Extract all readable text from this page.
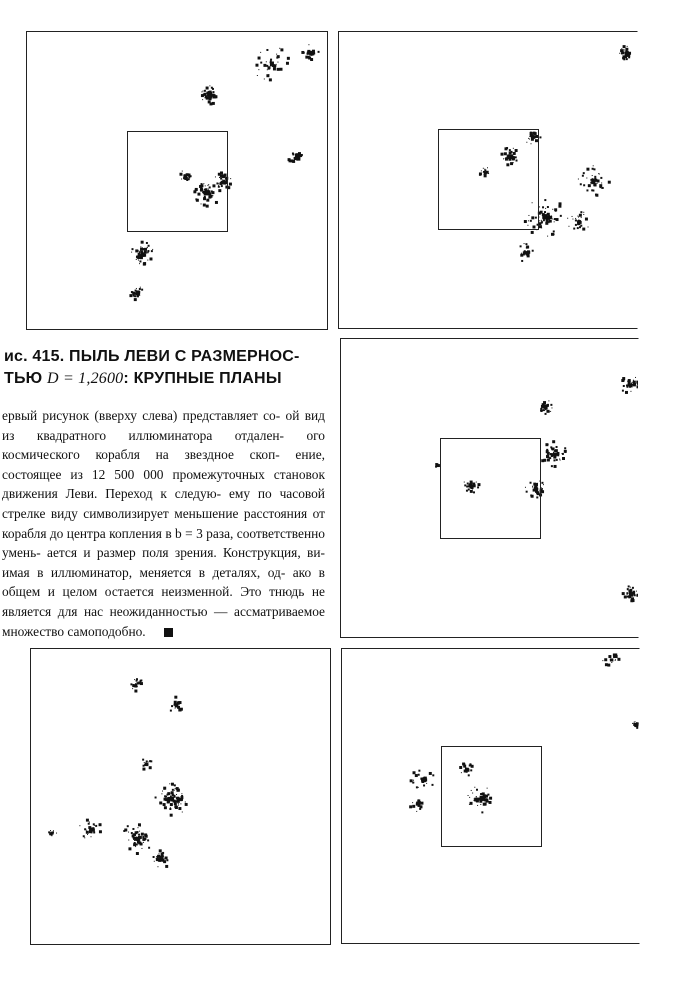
ис. 415. ПЫЛЬ ЛЕВИ С РАЗМЕРНОС-
ТЬЮ D = 1,2600: КРУПНЫЕ ПЛАНЫ
ервый рисунок (вверху слева) представляет со- ой вид из квадратного иллюминатора отдален- ого космического корабля на звездное скоп- ение, состоящее из 12 500 000 промежуточных становок движения Леви. Переход к следую- ему по часовой стрелке виду символизирует меньшение расстояния от корабля до центра копления в b = 3 раза, соответственно умень- ается и размер поля зрения. Конструкция, ви- имая в иллюминатор, меняется в деталях, од- ако в общем и целом остается неизменной. Это тнюдь не является для нас неожиданностью — ассматриваемое множество самоподобно.
